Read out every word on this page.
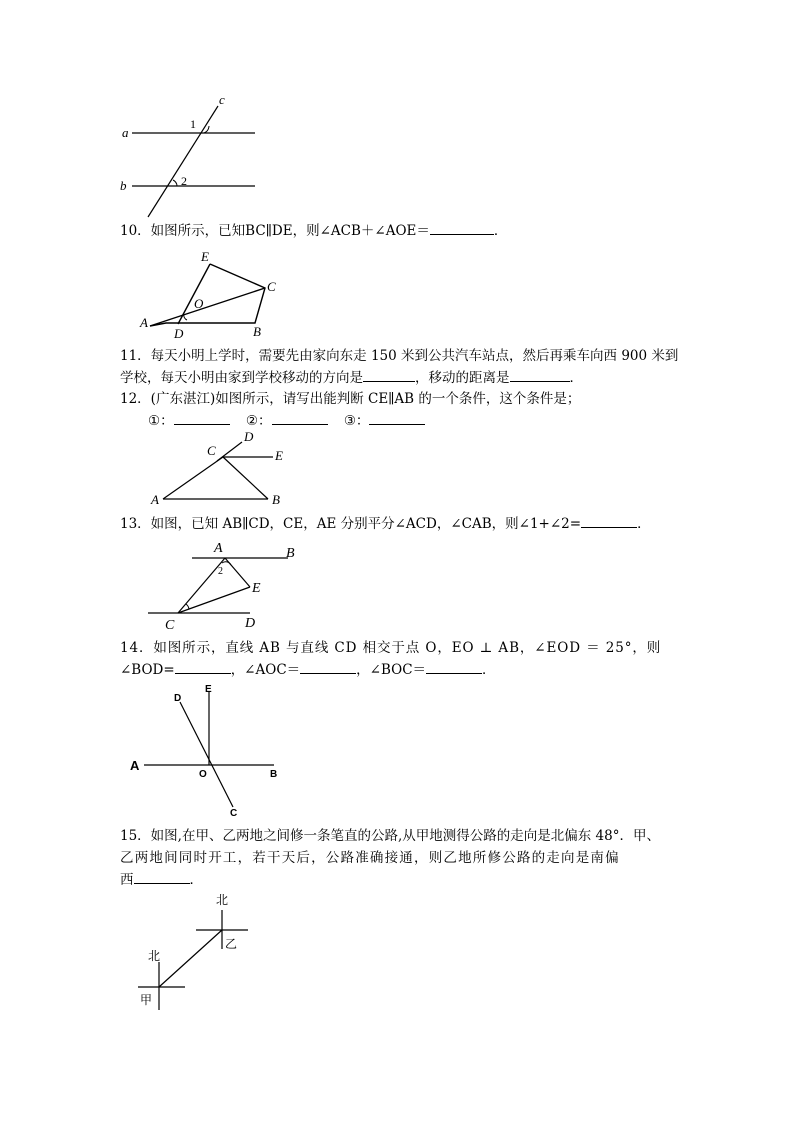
a
b
c
1
2
10．如图所示，已知BC∥DE，则∠ACB＋∠AOE＝	．
E
C
O
A
D	B
11．每天小明上学时，需要先由家向东走 150 米到公共汽车站点，然后再乘车向西 900 米到
学校，每天小明由家到学校移动的方向是	，移动的距离是	．
12．(广东湛江)如图所示，请写出能判断 CE∥AB 的一个条件，这个条件是；
①：	②：	③：
D
C	E
A	B
13．如图，已知 AB∥CD，CE，AE 分别平分∠ACD，∠CAB，则∠1+∠2=	．
A	B
2
E
C	D
14．如图所示，直线 AB 与直线 CD 相交于点 O，EO ⊥ AB，∠EOD ＝ 25°，则
∠BOD=	，∠AOC＝	，∠BOC＝	．
D
E
A
O	B
C
15．如图,在甲、乙两地之间修一条笔直的公路,从甲地测得公路的走向是北偏东 48°．甲、
乙两地间同时开工，若干天后，公路准确接通，则乙地所修公路的走向是南偏
西	．
北
乙
北
甲
